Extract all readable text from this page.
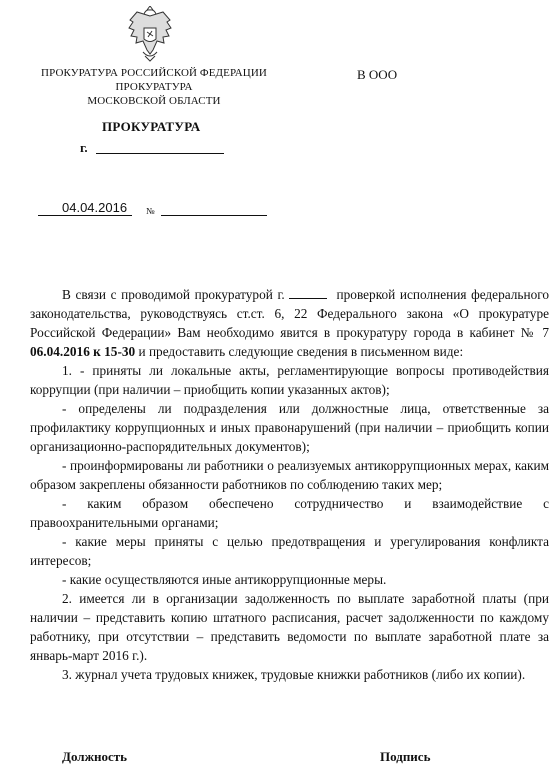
ПРОКУРАТУРА РОССИЙСКОЙ ФЕДЕРАЦИИ
ПРОКУРАТУРА
МОСКОВСКОЙ ОБЛАСТИ
ПРОКУРАТУРА
г.
В ООО
04.04.2016 №

В связи с проводимой прокуратурой г.	проверкой исполнения федерального законодательства, руководствуясь ст.ст. 6, 22 Федерального закона «О прокуратуре Российской Федерации» Вам необходимо явится в прокуратуру города в кабинет № 7 06.04.2016 к 15-30 и предоставить следующие сведения в письменном виде:

1. - приняты ли локальные акты, регламентирующие вопросы противодействия коррупции (при наличии – приобщить копии указанных актов);

- определены ли подразделения или должностные лица, ответственные за профилактику коррупционных и иных правонарушений (при наличии – приобщить копии организационно-распорядительных документов);

- проинформированы ли работники о реализуемых антикоррупционных мерах, каким образом закреплены обязанности работников по соблюдению таких мер;

- каким образом обеспечено сотрудничество и взаимодействие с правоохранительными органами;

- какие меры приняты с целью предотвращения и урегулирования конфликта интересов;

- какие осуществляются иные антикоррупционные меры.

2. имеется ли в организации задолженность по выплате заработной платы (при наличии – представить копию штатного расписания, расчет задолженности по каждому работнику, при отсутствии – представить ведомости по выплате заработной плате за январь-март 2016 г.).

3. журнал учета трудовых книжек, трудовые книжки работников (либо их копии).

Должность	Подпись
